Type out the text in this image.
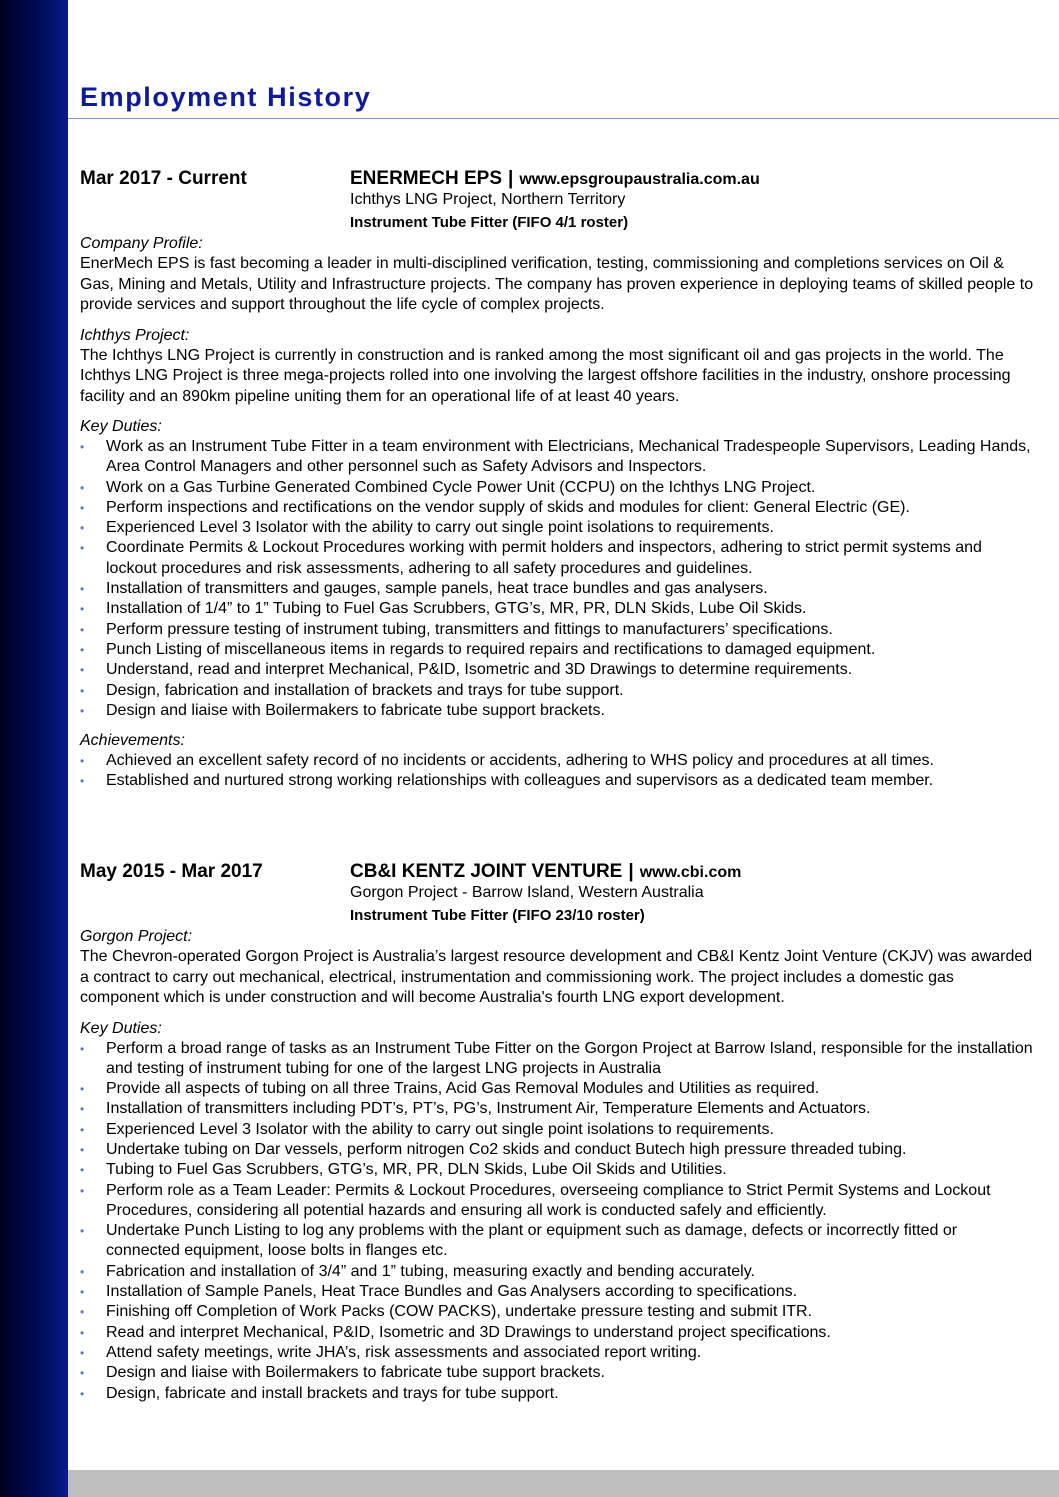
Employment History
Mar 2017 - Current	ENERMECH EPS | www.epsgroupaustralia.com.au
Ichthys LNG Project, Northern Territory
Instrument Tube Fitter (FIFO 4/1 roster)

Company Profile:

EnerMech EPS is fast becoming a leader in multi-disciplined verification, testing, commissioning and completions services on Oil & Gas, Mining and Metals, Utility and Infrastructure projects. The company has proven experience in deploying teams of skilled people to provide services and support throughout the life cycle of complex projects.

Ichthys Project:

The Ichthys LNG Project is currently in construction and is ranked among the most significant oil and gas projects in the world. The Ichthys LNG Project is three mega-projects rolled into one involving the largest offshore facilities in the industry, onshore processing facility and an 890km pipeline uniting them for an operational life of at least 40 years.

Key Duties:

•	Work as an Instrument Tube Fitter in a team environment with Electricians, Mechanical Tradespeople Supervisors, Leading Hands, Area Control Managers and other personnel such as Safety Advisors and Inspectors.
•	Work on a Gas Turbine Generated Combined Cycle Power Unit (CCPU) on the Ichthys LNG Project.
•	Perform inspections and rectifications on the vendor supply of skids and modules for client: General Electric (GE).
•	Experienced Level 3 Isolator with the ability to carry out single point isolations to requirements.
•	Coordinate Permits & Lockout Procedures working with permit holders and inspectors, adhering to strict permit systems and lockout procedures and risk assessments, adhering to all safety procedures and guidelines.
•	Installation of transmitters and gauges, sample panels, heat trace bundles and gas analysers.
•	Installation of 1/4” to 1” Tubing to Fuel Gas Scrubbers, GTG’s, MR, PR, DLN Skids, Lube Oil Skids.
•	Perform pressure testing of instrument tubing, transmitters and fittings to manufacturers’ specifications.
•	Punch Listing of miscellaneous items in regards to required repairs and rectifications to damaged equipment.
•	Understand, read and interpret Mechanical, P&ID, Isometric and 3D Drawings to determine requirements.
•	Design, fabrication and installation of brackets and trays for tube support.
•	Design and liaise with Boilermakers to fabricate tube support brackets.

Achievements:

•	Achieved an excellent safety record of no incidents or accidents, adhering to WHS policy and procedures at all times.
•	Established and nurtured strong working relationships with colleagues and supervisors as a dedicated team member.
May 2015 - Mar 2017	CB&I KENTZ JOINT VENTURE | www.cbi.com
Gorgon Project - Barrow Island, Western Australia
Instrument Tube Fitter (FIFO 23/10 roster)

Gorgon Project:

The Chevron-operated Gorgon Project is Australia’s largest resource development and CB&I Kentz Joint Venture (CKJV) was awarded a contract to carry out mechanical, electrical, instrumentation and commissioning work. The project includes a domestic gas component which is under construction and will become Australia's fourth LNG export development.

Key Duties:

•	Perform a broad range of tasks as an Instrument Tube Fitter on the Gorgon Project at Barrow Island, responsible for the installation and testing of instrument tubing for one of the largest LNG projects in Australia
•	Provide all aspects of tubing on all three Trains, Acid Gas Removal Modules and Utilities as required.
•	Installation of transmitters including PDT’s, PT’s, PG’s, Instrument Air, Temperature Elements and Actuators.
•	Experienced Level 3 Isolator with the ability to carry out single point isolations to requirements.
•	Undertake tubing on Dar vessels, perform nitrogen Co2 skids and conduct Butech high pressure threaded tubing.
•	Tubing to Fuel Gas Scrubbers, GTG’s, MR, PR, DLN Skids, Lube Oil Skids and Utilities.
•	Perform role as a Team Leader: Permits & Lockout Procedures, overseeing compliance to Strict Permit Systems and Lockout Procedures, considering all potential hazards and ensuring all work is conducted safely and efficiently.
•	Undertake Punch Listing to log any problems with the plant or equipment such as damage, defects or incorrectly fitted or connected equipment, loose bolts in flanges etc.
•	Fabrication and installation of 3/4” and 1” tubing, measuring exactly and bending accurately.
•	Installation of Sample Panels, Heat Trace Bundles and Gas Analysers according to specifications.
•	Finishing off Completion of Work Packs (COW PACKS), undertake pressure testing and submit ITR.
•	Read and interpret Mechanical, P&ID, Isometric and 3D Drawings to understand project specifications.
•	Attend safety meetings, write JHA’s, risk assessments and associated report writing.
•	Design and liaise with Boilermakers to fabricate tube support brackets.
•	Design, fabricate and install brackets and trays for tube support.
